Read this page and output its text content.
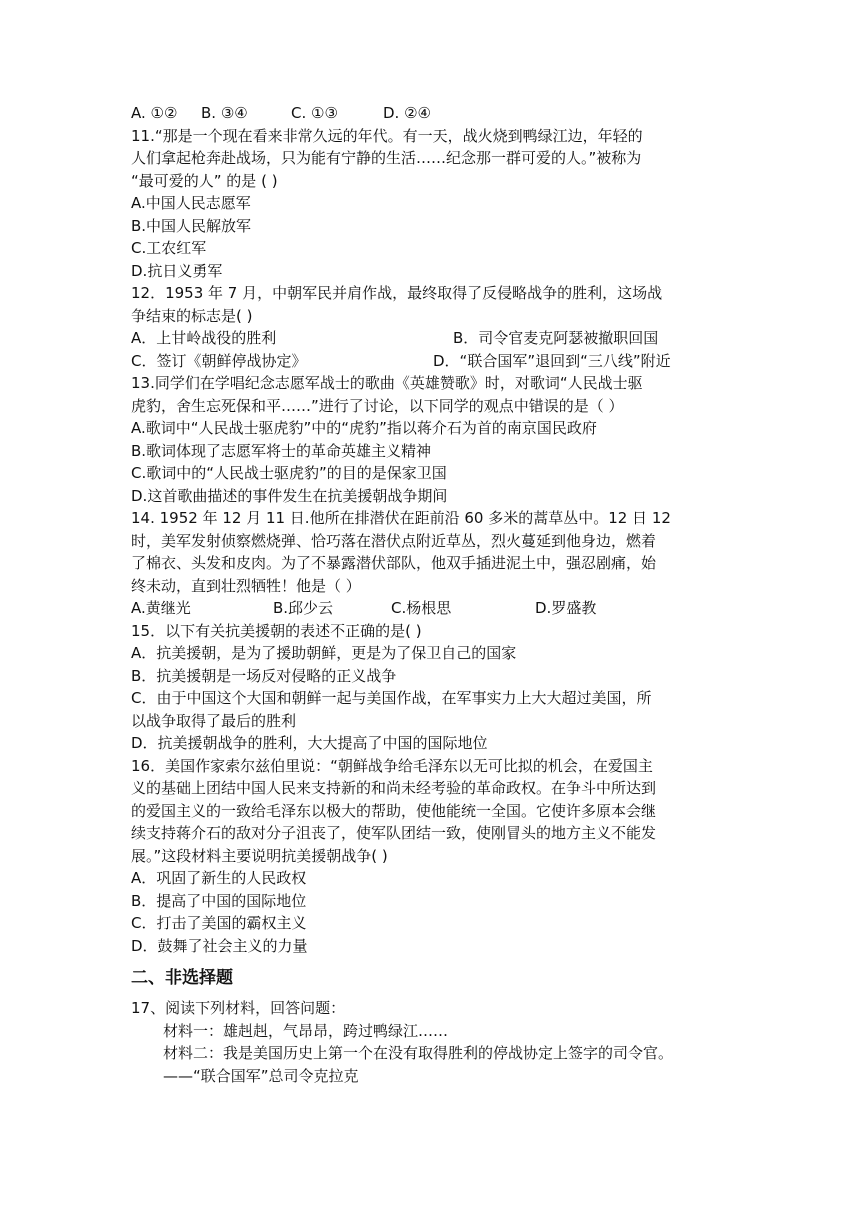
A. ①②	B. ③④	C. ①③	D. ②④
11.“那是一个现在看来非常久远的年代。有一天，战火烧到鸭绿江边，年轻的
人们拿起枪奔赴战场，只为能有宁静的生活……纪念那一群可爱的人。”被称为
“最可爱的人” 的是 ( )
A.中国人民志愿军
B.中国人民解放军
C.工农红军
D.抗日义勇军
12．1953 年 7 月，中朝军民并肩作战，最终取得了反侵略战争的胜利，这场战
争结束的标志是( )
A．上甘岭战役的胜利	B．司令官麦克阿瑟被撤职回国
C．签订《朝鲜停战协定》	D．“联合国军”退回到“三八线”附近
13.同学们在学唱纪念志愿军战士的歌曲《英雄赞歌》时，对歌词“人民战士驱
虎豹，舍生忘死保和平……”进行了讨论，以下同学的观点中错误的是（ ）
A.歌词中“人民战士驱虎豹”中的“虎豹”指以蒋介石为首的南京国民政府
B.歌词体现了志愿军将士的革命英雄主义精神
C.歌词中的“人民战士驱虎豹”的目的是保家卫国
D.这首歌曲描述的事件发生在抗美援朝战争期间
14. 1952 年 12 月 11 日.他所在排潜伏在距前沿 60 多米的蒿草丛中。12 日 12
时，美军发射侦察燃烧弹、恰巧落在潜伏点附近草丛，烈火蔓延到他身边，燃着
了棉衣、头发和皮肉。为了不暴露潜伏部队，他双手插进泥土中，强忍剧痛，始
终未动，直到壮烈牺牲！他是（ ）
A.黄继光	B.邱少云	C.杨根思	D.罗盛教
15．以下有关抗美援朝的表述不正确的是( )
A．抗美援朝，是为了援助朝鲜，更是为了保卫自己的国家
B．抗美援朝是一场反对侵略的正义战争
C．由于中国这个大国和朝鲜一起与美国作战，在军事实力上大大超过美国，所
以战争取得了最后的胜利
D．抗美援朝战争的胜利，大大提高了中国的国际地位
16．美国作家索尔兹伯里说：“朝鲜战争给毛泽东以无可比拟的机会，在爱国主
义的基础上团结中国人民来支持新的和尚未经考验的革命政权。在争斗中所达到
的爱国主义的一致给毛泽东以极大的帮助，使他能统一全国。它使许多原本会继
续支持蒋介石的敌对分子沮丧了，使军队团结一致，使刚冒头的地方主义不能发
展。”这段材料主要说明抗美援朝战争( )
A．巩固了新生的人民政权
B．提高了中国的国际地位
C．打击了美国的霸权主义
D．鼓舞了社会主义的力量
二、非选择题
17、阅读下列材料，回答问题：
材料一：雄赳赳，气昂昂，跨过鸭绿江……
材料二：我是美国历史上第一个在没有取得胜利的停战协定上签字的司令官。
——“联合国军”总司令克拉克
